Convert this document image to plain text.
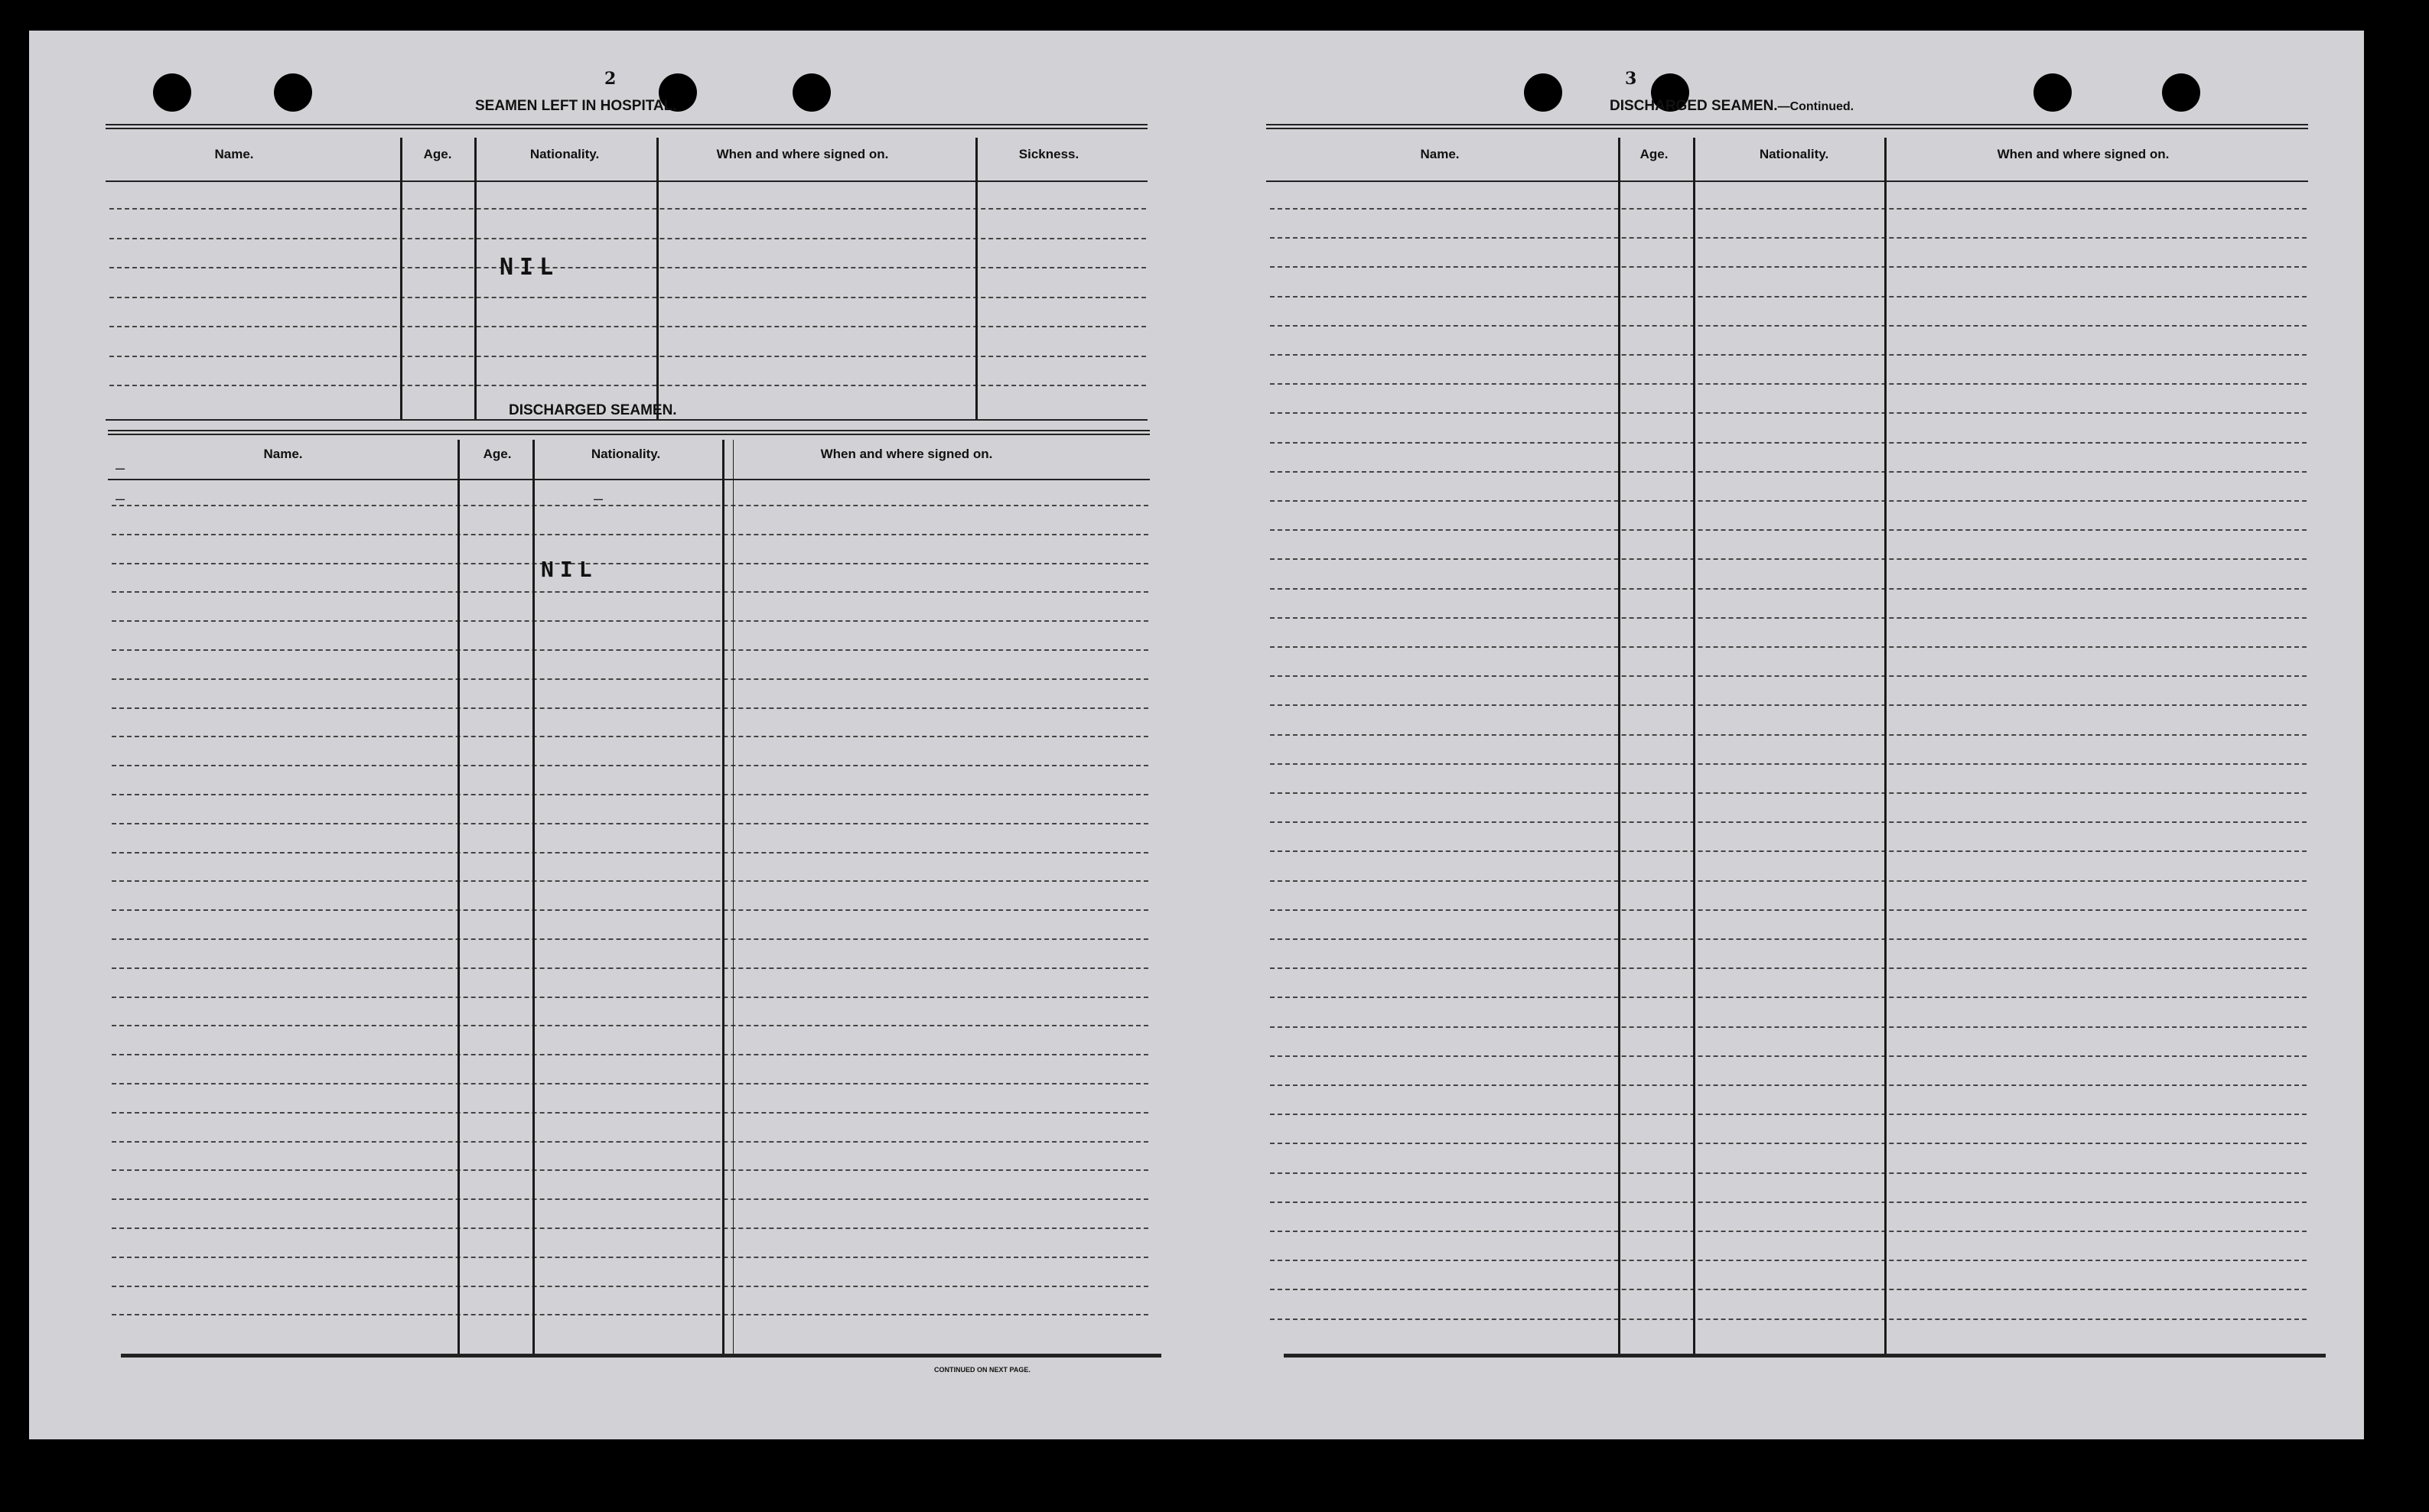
2
SEAMEN LEFT IN HOSPITAL.
Name.	Age.	Nationality.	When and where signed on.	Sickness.
NIL
DISCHARGED SEAMEN.
Name.	Age.	Nationality.	When and where signed on.
–
–	–
NIL
CONTINUED ON NEXT PAGE.
3
DISCHARGED SEAMEN.—Continued.
Name.	Age.	Nationality.	When and where signed on.
